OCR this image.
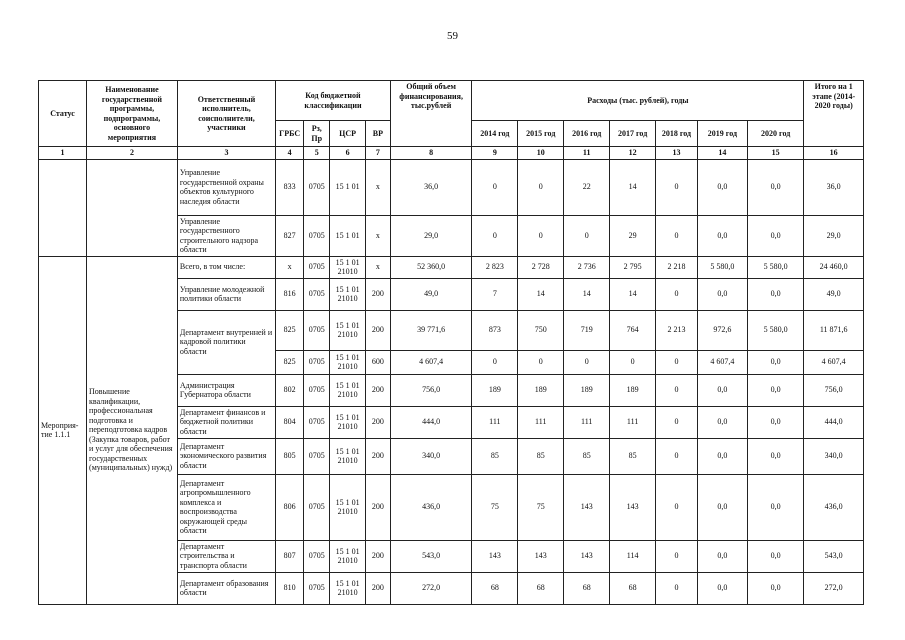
59
Статус	Наименование государственной программы, подпрограммы, основного мероприятия	Ответственный исполнитель, соисполнители, участники	Код бюджетной классификации				Общий объем финансирования, тыс.рублей	Расходы (тыс. рублей), годы							Итого на 1 этапе (2014-2020 годы)
			ГРБС	Рз, Пр	ЦСР	ВР		2014 год	2015 год	2016 год	2017 год	2018 год	2019 год	2020 год	
1	2	3	4	5	6	7	8	9	10	11	12	13	14	15	16
		Управление государственной охраны объектов культурного наследия области	833	0705	15 1 01	х	36,0	0	0	22	14	0	0,0	0,0	36,0
		Управление государственного строительного надзора области	827	0705	15 1 01	х	29,0	0	0	0	29	0	0,0	0,0	29,0
Мероприя-тие 1.1.1	Повышение квалификации, профессиональная подготовка и переподготовка кадров (Закупка товаров, работ и услуг для обеспечения государственных (муниципальных) нужд)	Всего, в том числе:	х	0705	15 1 01 21010	х	52 360,0	2 823	2 728	2 736	2 795	2 218	5 580,0	5 580,0	24 460,0
		Управление молодежной политики области	816	0705	15 1 01 21010	200	49,0	7	14	14	14	0	0,0	0,0	49,0
		Департамент внутренней и кадровой политики области	825	0705	15 1 01 21010	200	39 771,6	873	750	719	764	2 213	972,6	5 580,0	11 871,6
			825	0705	15 1 01 21010	600	4 607,4	0	0	0	0	0	4 607,4	0,0	4 607,4
		Администрация Губернатора области	802	0705	15 1 01 21010	200	756,0	189	189	189	189	0	0,0	0,0	756,0
		Департамент финансов и бюджетной политики области	804	0705	15 1 01 21010	200	444,0	111	111	111	111	0	0,0	0,0	444,0
		Департамент экономического развития области	805	0705	15 1 01 21010	200	340,0	85	85	85	85	0	0,0	0,0	340,0
		Департамент агропромышленного комплекса и воспроизводства окружающей среды области	806	0705	15 1 01 21010	200	436,0	75	75	143	143	0	0,0	0,0	436,0
		Департамент строительства и транспорта области	807	0705	15 1 01 21010	200	543,0	143	143	143	114	0	0,0	0,0	543,0
		Департамент образования области	810	0705	15 1 01 21010	200	272,0	68	68	68	68	0	0,0	0,0	272,0
